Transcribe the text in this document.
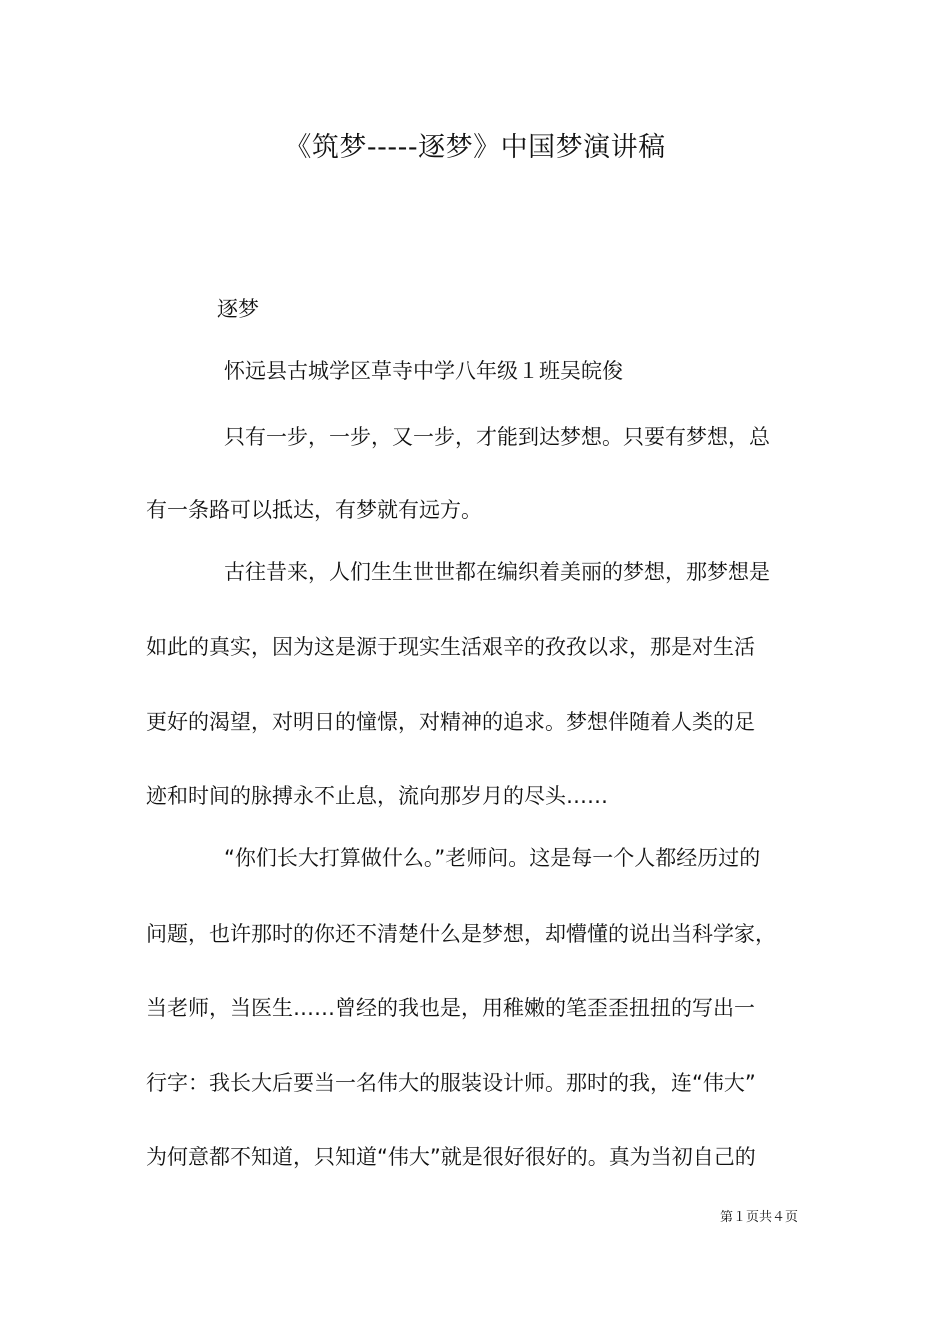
《筑梦-----逐梦》中国梦演讲稿

逐梦

怀远县古城学区草寺中学八年级１班吴皖俊

只有一步，一步，又一步，才能到达梦想。只要有梦想，总

有一条路可以抵达，有梦就有远方。

古往昔来，人们生生世世都在编织着美丽的梦想，那梦想是

如此的真实，因为这是源于现实生活艰辛的孜孜以求，那是对生活

更好的渴望，对明日的憧憬，对精神的追求。梦想伴随着人类的足

迹和时间的脉搏永不止息，流向那岁月的尽头……

“你们长大打算做什么。”老师问。这是每一个人都经历过的

问题，也许那时的你还不清楚什么是梦想，却懵懂的说出当科学家，

当老师，当医生……曾经的我也是，用稚嫩的笔歪歪扭扭的写出一

行字：我长大后要当一名伟大的服装设计师。那时的我，连“伟大”

为何意都不知道，只知道“伟大”就是很好很好的。真为当初自己的

第１页共４页
